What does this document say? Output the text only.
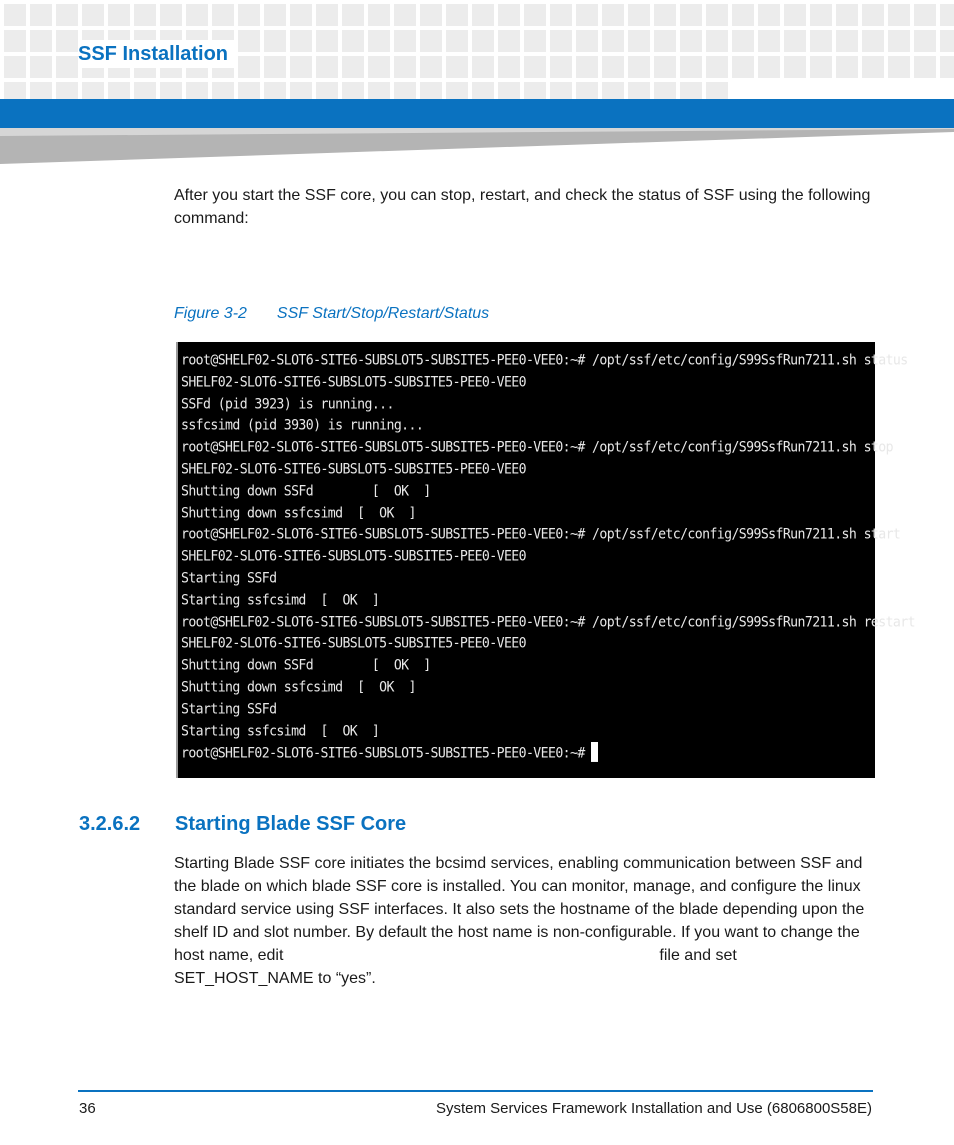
SSF Installation

After you start the SSF core, you can stop, restart, and check the status of SSF using the following command:

Figure 3-2 SSF Start/Stop/Restart/Status
root@SHELF02-SLOT6-SITE6-SUBSLOT5-SUBSITE5-PEE0-VEE0:~# /opt/ssf/etc/config/S99SsfRun7211.sh status
SHELF02-SLOT6-SITE6-SUBSLOT5-SUBSITE5-PEE0-VEE0
SSFd (pid 3923) is running...
ssfcsimd (pid 3930) is running...
root@SHELF02-SLOT6-SITE6-SUBSLOT5-SUBSITE5-PEE0-VEE0:~# /opt/ssf/etc/config/S99SsfRun7211.sh stop
SHELF02-SLOT6-SITE6-SUBSLOT5-SUBSITE5-PEE0-VEE0
Shutting down SSFd        [  OK  ]
Shutting down ssfcsimd  [  OK  ]
root@SHELF02-SLOT6-SITE6-SUBSLOT5-SUBSITE5-PEE0-VEE0:~# /opt/ssf/etc/config/S99SsfRun7211.sh start
SHELF02-SLOT6-SITE6-SUBSLOT5-SUBSITE5-PEE0-VEE0
Starting SSFd
Starting ssfcsimd  [  OK  ]
root@SHELF02-SLOT6-SITE6-SUBSLOT5-SUBSITE5-PEE0-VEE0:~# /opt/ssf/etc/config/S99SsfRun7211.sh restart
SHELF02-SLOT6-SITE6-SUBSLOT5-SUBSITE5-PEE0-VEE0
Shutting down SSFd        [  OK  ]
Shutting down ssfcsimd  [  OK  ]
Starting SSFd
Starting ssfcsimd  [  OK  ]
root@SHELF02-SLOT6-SITE6-SUBSLOT5-SUBSITE5-PEE0-VEE0:~#
3.2.6.2 Starting Blade SSF Core

Starting Blade SSF core initiates the bcsimd services, enabling communication between SSF and the blade on which blade SSF core is installed. You can monitor, manage, and configure the linux standard service using SSF interfaces. It also sets the hostname of the blade depending upon the shelf ID and slot number. By default the host name is non-configurable. If you want to change the host name, edit	file and set SET_HOST_NAME to “yes”.

36	System Services Framework Installation and Use (6806800S58E)
